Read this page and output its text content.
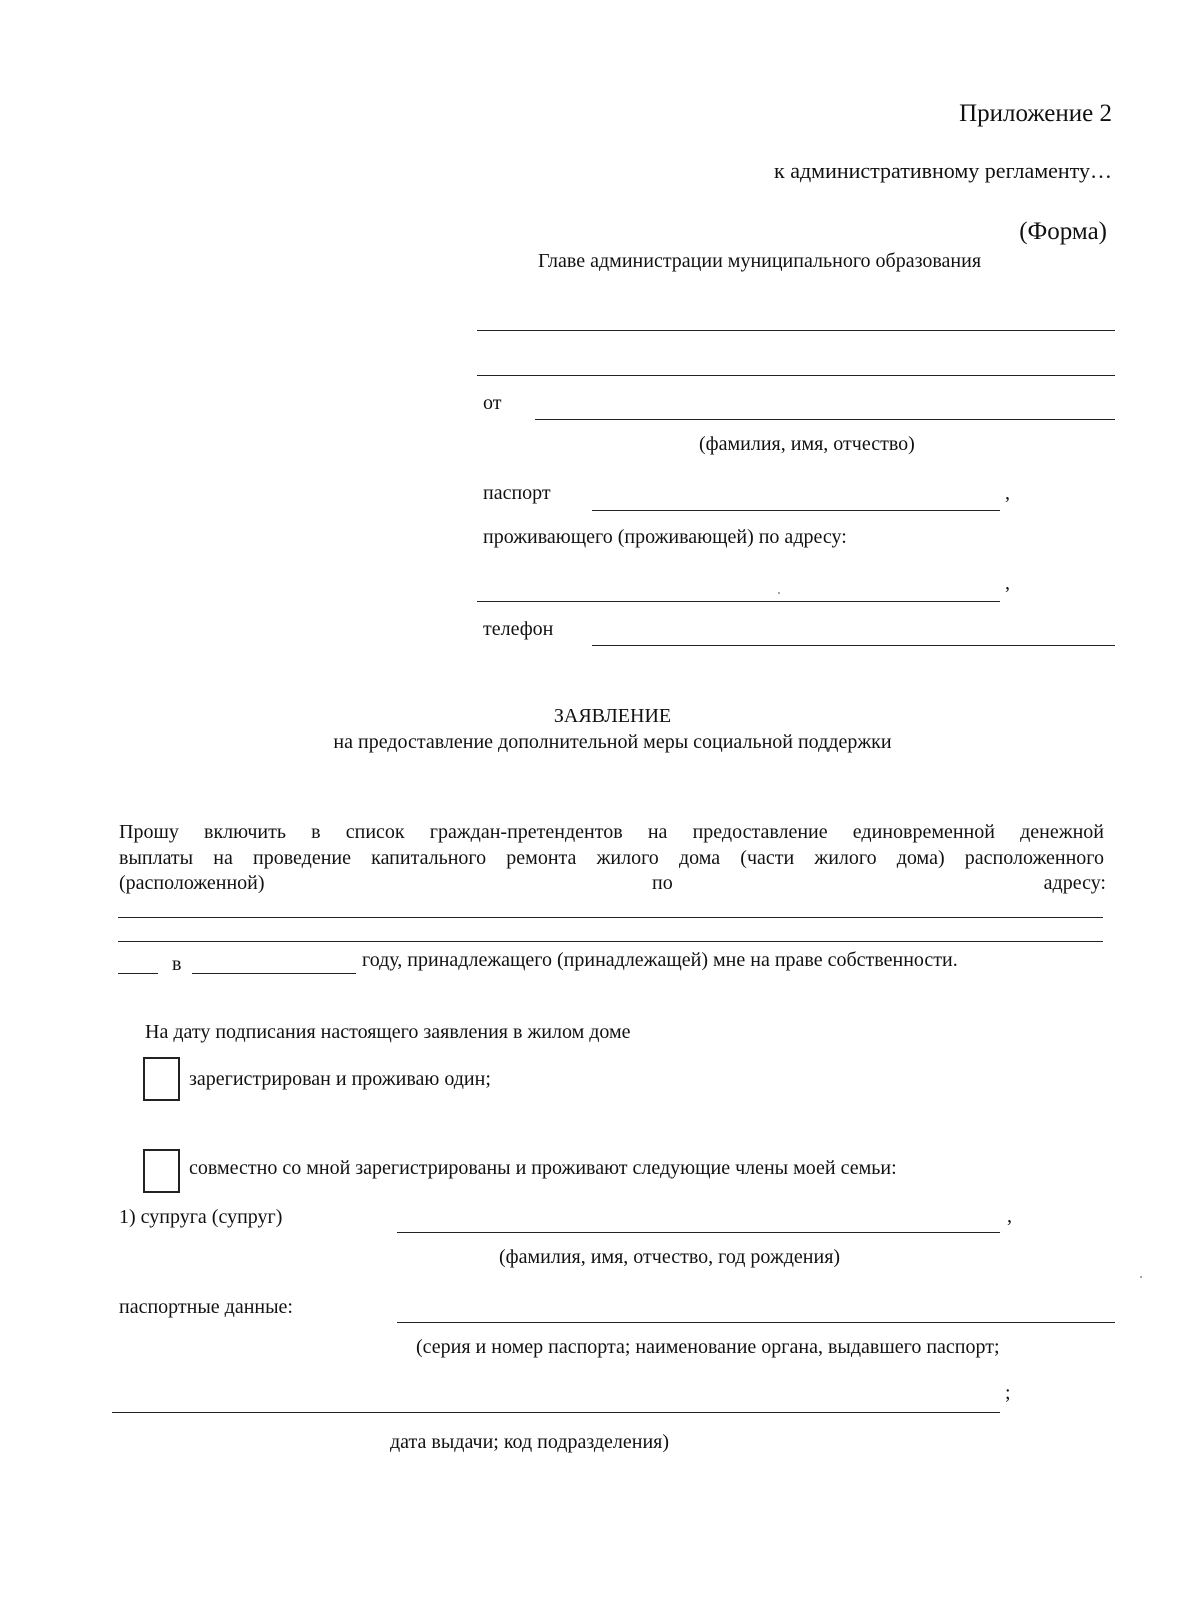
Приложение 2
к административному регламенту…
(Форма)
Главе администрации муниципального образования
от
(фамилия, имя, отчество)
паспорт	,
проживающего (проживающей) по адресу:
,
телефон
ЗАЯВЛЕНИЕ
на предоставление дополнительной меры социальной поддержки
Прошу включить в список граждан-претендентов на предоставление единовременной денежной
выплаты на проведение капитального ремонта жилого дома (части жилого дома) расположенного
(расположенной)	по	адресу:
в	году, принадлежащего (принадлежащей) мне на праве собственности.
На дату подписания настоящего заявления в жилом доме
зарегистрирован и проживаю один;
совместно со мной зарегистрированы и проживают следующие члены моей семьи:
1) супруга (супруг)	,
(фамилия, имя, отчество, год рождения)
паспортные данные:
(серия и номер паспорта; наименование органа, выдавшего паспорт;
;
дата выдачи; код подразделения)
